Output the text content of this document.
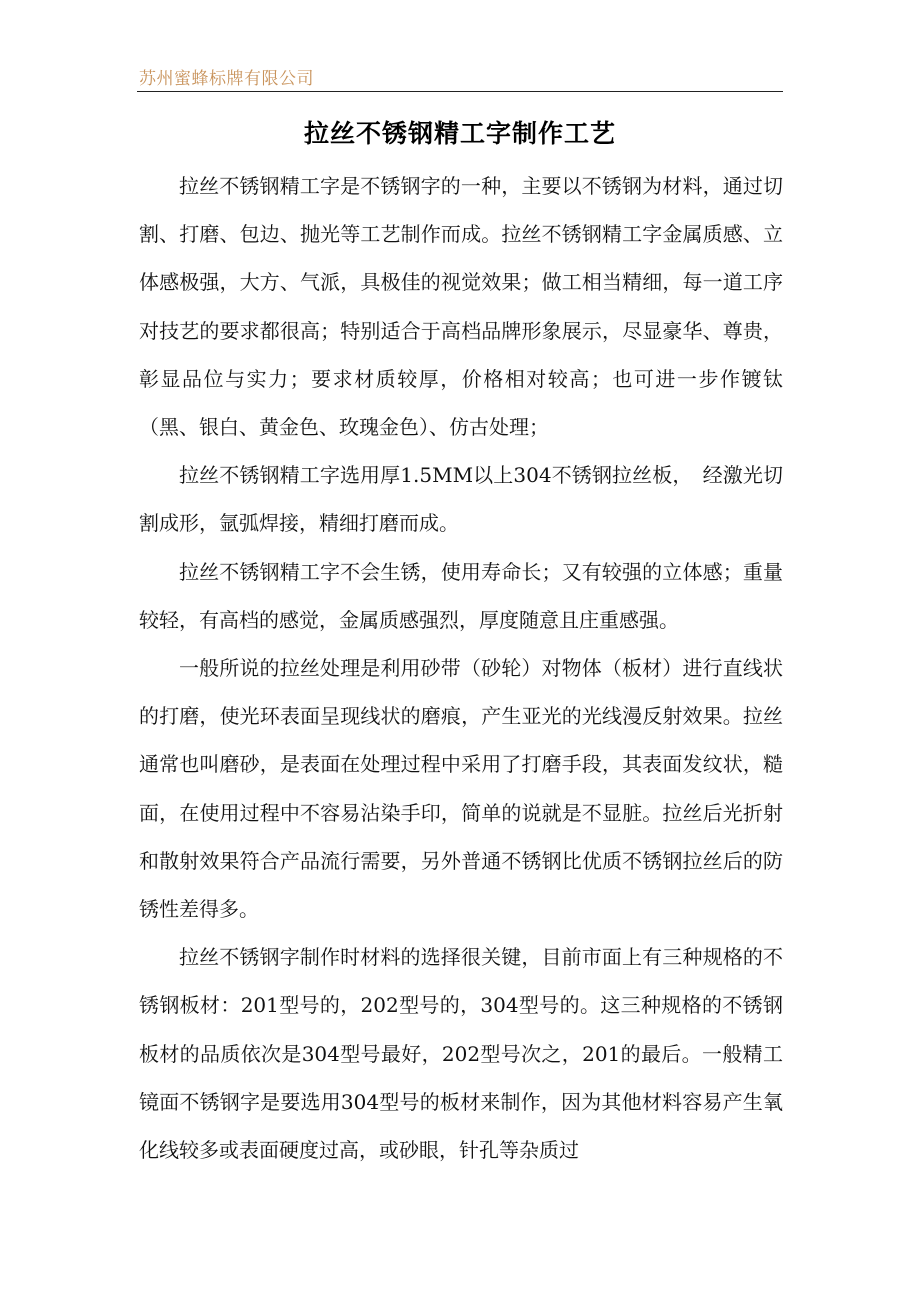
苏州蜜蜂标牌有限公司
拉丝不锈钢精工字制作工艺

拉丝不锈钢精工字是不锈钢字的一种，主要以不锈钢为材料，通过切割、打磨、包边、抛光等工艺制作而成。拉丝不锈钢精工字金属质感、立体感极强，大方、气派，具极佳的视觉效果；做工相当精细，每一道工序对技艺的要求都很高；特别适合于高档品牌形象展示，尽显豪华、尊贵，彰显品位与实力；要求材质较厚，价格相对较高；也可进一步作镀钛（黑、银白、黄金色、玫瑰金色）、仿古处理；

拉丝不锈钢精工字选用厚1.5MM以上304不锈钢拉丝板，　经激光切割成形，氩弧焊接，精细打磨而成。

拉丝不锈钢精工字不会生锈，使用寿命长；又有较强的立体感；重量较轻，有高档的感觉，金属质感强烈，厚度随意且庄重感强。

一般所说的拉丝处理是利用砂带（砂轮）对物体（板材）进行直线状的打磨，使光环表面呈现线状的磨痕，产生亚光的光线漫反射效果。拉丝通常也叫磨砂，是表面在处理过程中采用了打磨手段，其表面发纹状，糙面，在使用过程中不容易沾染手印，简单的说就是不显脏。拉丝后光折射和散射效果符合产品流行需要，另外普通不锈钢比优质不锈钢拉丝后的防锈性差得多。

拉丝不锈钢字制作时材料的选择很关键，目前市面上有三种规格的不锈钢板材：201型号的，202型号的，304型号的。这三种规格的不锈钢板材的品质依次是304型号最好，202型号次之，201的最后。一般精工镜面不锈钢字是要选用304型号的板材来制作，因为其他材料容易产生氧化线较多或表面硬度过高，或砂眼，针孔等杂质过
